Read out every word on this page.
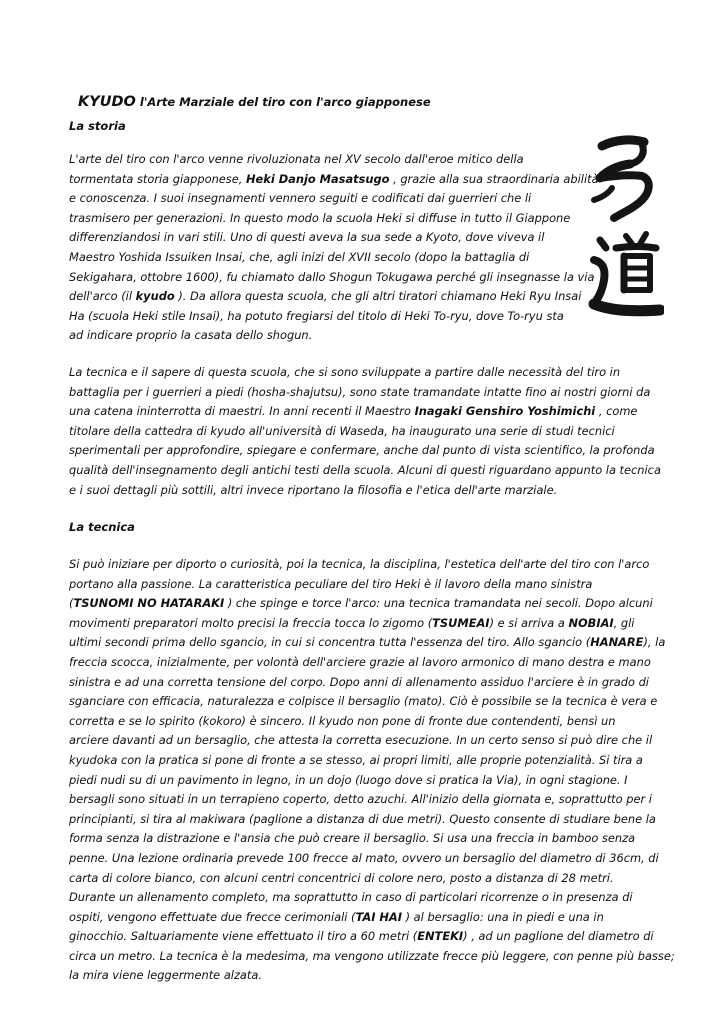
KYUDO l'Arte Marziale del tiro con l'arco giapponese
La storia
L'arte del tiro con l'arco venne rivoluzionata nel XV secolo dall'eroe mitico della
tormentata storia giapponese, Heki Danjo Masatsugo , grazie alla sua straordinaria abilità
e conoscenza. I suoi insegnamenti vennero seguiti e codificati dai guerrieri che li
trasmisero per generazioni. In questo modo la scuola Heki si diffuse in tutto il Giappone
differenziandosi in vari stili. Uno di questi aveva la sua sede a Kyoto, dove viveva il
Maestro Yoshida Issuiken Insai, che, agli inizi del XVII secolo (dopo la battaglia di
Sekigahara, ottobre 1600), fu chiamato dallo Shogun Tokugawa perché gli insegnasse la via
dell'arco (il kyudo ). Da allora questa scuola, che gli altri tiratori chiamano Heki Ryu Insai
Ha (scuola Heki stile Insai), ha potuto fregiarsi del titolo di Heki To-ryu, dove To-ryu sta
ad indicare proprio la casata dello shogun.
La tecnica e il sapere di questa scuola, che si sono sviluppate a partire dalle necessità del tiro in
battaglia per i guerrieri a piedi (hosha-shajutsu), sono state tramandate intatte fino ai nostri giorni da
una catena ininterrotta di maestri. In anni recenti il Maestro Inagaki Genshiro Yoshimichi , come
titolare della cattedra di kyudo all'università di Waseda, ha inaugurato una serie di studi tecnici
sperimentali per approfondire, spiegare e confermare, anche dal punto di vista scientifico, la profonda
qualità dell'insegnamento degli antichi testi della scuola. Alcuni di questi riguardano appunto la tecnica
e i suoi dettagli più sottili, altri invece riportano la filosofia e l'etica dell'arte marziale.
La tecnica
Si può iniziare per diporto o curiosità, poi la tecnica, la disciplina, l'estetica dell'arte del tiro con l'arco
portano alla passione. La caratteristica peculiare del tiro Heki è il lavoro della mano sinistra
(TSUNOMI NO HATARAKI ) che spinge e torce l'arco: una tecnica tramandata nei secoli. Dopo alcuni
movimenti preparatori molto precisi la freccia tocca lo zigomo (TSUMEAI) e si arriva a NOBIAI, gli
ultimi secondi prima dello sgancio, in cui si concentra tutta l'essenza del tiro. Allo sgancio (HANARE), la
freccia scocca, inizialmente, per volontà dell'arciere grazie al lavoro armonico di mano destra e mano
sinistra e ad una corretta tensione del corpo. Dopo anni di allenamento assiduo l'arciere è in grado di
sganciare con efficacia, naturalezza e colpisce il bersaglio (mato). Ciò è possibile se la tecnica è vera e
corretta e se lo spirito (kokoro) è sincero. Il kyudo non pone di fronte due contendenti, bensì un
arciere davanti ad un bersaglio, che attesta la corretta esecuzione. In un certo senso si può dire che il
kyudoka con la pratica si pone di fronte a se stesso, ai propri limiti, alle proprie potenzialità. Si tira a
piedi nudi su di un pavimento in legno, in un dojo (luogo dove si pratica la Via), in ogni stagione. I
bersagli sono situati in un terrapieno coperto, detto azuchi. All'inizio della giornata e, soprattutto per i
principianti, si tira al makiwara (paglione a distanza di due metri). Questo consente di studiare bene la
forma senza la distrazione e l'ansia che può creare il bersaglio. Si usa una freccia in bamboo senza
penne. Una lezione ordinaria prevede 100 frecce al mato, ovvero un bersaglio del diametro di 36cm, di
carta di colore bianco, con alcuni centri concentrici di colore nero, posto a distanza di 28 metri.
Durante un allenamento completo, ma soprattutto in caso di particolari ricorrenze o in presenza di
ospiti, vengono effettuate due frecce cerimoniali (TAI HAI ) al bersaglio: una in piedi e una in
ginocchio. Saltuariamente viene effettuato il tiro a 60 metri (ENTEKI) , ad un paglione del diametro di
circa un metro. La tecnica è la medesima, ma vengono utilizzate frecce più leggere, con penne più basse;
la mira viene leggermente alzata.
